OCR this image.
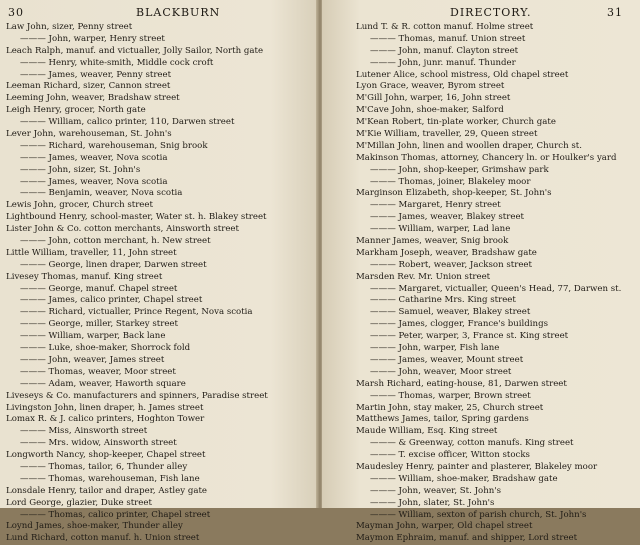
30	BLACKBURN
Law John, sizer, Penny street
——— John, warper, Henry street
Leach Ralph, manuf. and victualler, Jolly Sailor, North gate
——— Henry, white-smith, Middle cock croft
——— James, weaver, Penny street
Leeman Richard, sizer, Cannon street
Leeming John, weaver, Bradshaw street
Leigh Henry, grocer, North gate
——— William, calico printer, 110, Darwen street
Lever John, warehouseman, St. John's
——— Richard, warehouseman, Snig brook
——— James, weaver, Nova scotia
——— John, sizer, St. John's
——— James, weaver, Nova scotia
——— Benjamin, weaver, Nova scotia
Lewis John, grocer, Church street
Lightbound Henry, school-master, Water st. h. Blakey street
Lister John & Co. cotton merchants, Ainsworth street
——— John, cotton merchant, h. New street
Little William, traveller, 11, John street
——— George, linen draper, Darwen street
Livesey Thomas, manuf. King street
——— George, manuf. Chapel street
——— James, calico printer, Chapel street
——— Richard, victualler, Prince Regent, Nova scotia
——— George, miller, Starkey street
——— William, warper, Back lane
——— Luke, shoe-maker, Shorrock fold
——— John, weaver, James street
——— Thomas, weaver, Moor street
——— Adam, weaver, Haworth square
Liveseys & Co. manufacturers and spinners, Paradise street
Livingston John, linen draper, h. James street
Lomax R. & J. calico printers, Hoghton Tower
——— Miss, Ainsworth street
——— Mrs. widow, Ainsworth street
Longworth Nancy, shop-keeper, Chapel street
——— Thomas, tailor, 6, Thunder alley
——— Thomas, warehouseman, Fish lane
Lonsdale Henry, tailor and draper, Astley gate
Lord George, glazier, Duke street
——— Thomas, calico printer, Chapel street
Loynd James, shoe-maker, Thunder alley
Lund Richard, cotton manuf. h. Union street
DIRECTORY.	31
Lund T. & R. cotton manuf. Holme street
——— Thomas, manuf. Union street
——— John, manuf. Clayton street
——— John, junr. manuf. Thunder
Lutener Alice, school mistress, Old chapel street
Lyon Grace, weaver, Byrom street
M'Gill John, warper, 16, John street
M'Cave John, shoe-maker, Salford
M'Kean Robert, tin-plate worker, Church gate
M'Kie William, traveller, 29, Queen street
M'Millan John, linen and woollen draper, Church st.
Makinson Thomas, attorney, Chancery ln. or Houlker's yard
——— John, shop-keeper, Grimshaw park
——— Thomas, joiner, Blakeley moor
Marginson Elizabeth, shop-keeper, St. John's
——— Margaret, Henry street
——— James, weaver, Blakey street
——— William, warper, Lad lane
Manner James, weaver, Snig brook
Markham Joseph, weaver, Bradshaw gate
——— Robert, weaver, Jackson street
Marsden Rev. Mr. Union street
——— Margaret, victualler, Queen's Head, 77, Darwen st.
——— Catharine Mrs. King street
——— Samuel, weaver, Blakey street
——— James, clogger, France's buildings
——— Peter, warper, 3, France st. King street
——— John, warper, Fish lane
——— James, weaver, Mount street
——— John, weaver, Moor street
Marsh Richard, eating-house, 81, Darwen street
——— Thomas, warper, Brown street
Martin John, stay maker, 25, Church street
Matthews James, tailor, Spring gardens
Maude William, Esq. King street
——— & Greenway, cotton manufs. King street
——— T. excise officer, Witton stocks
Maudesley Henry, painter and plasterer, Blakeley moor
——— William, shoe-maker, Bradshaw gate
——— John, weaver, St. John's
——— John, slater, St. John's
——— William, sexton of parish church, St. John's
Mayman John, warper, Old chapel street
Maymon Ephraim, manuf. and shipper, Lord street
